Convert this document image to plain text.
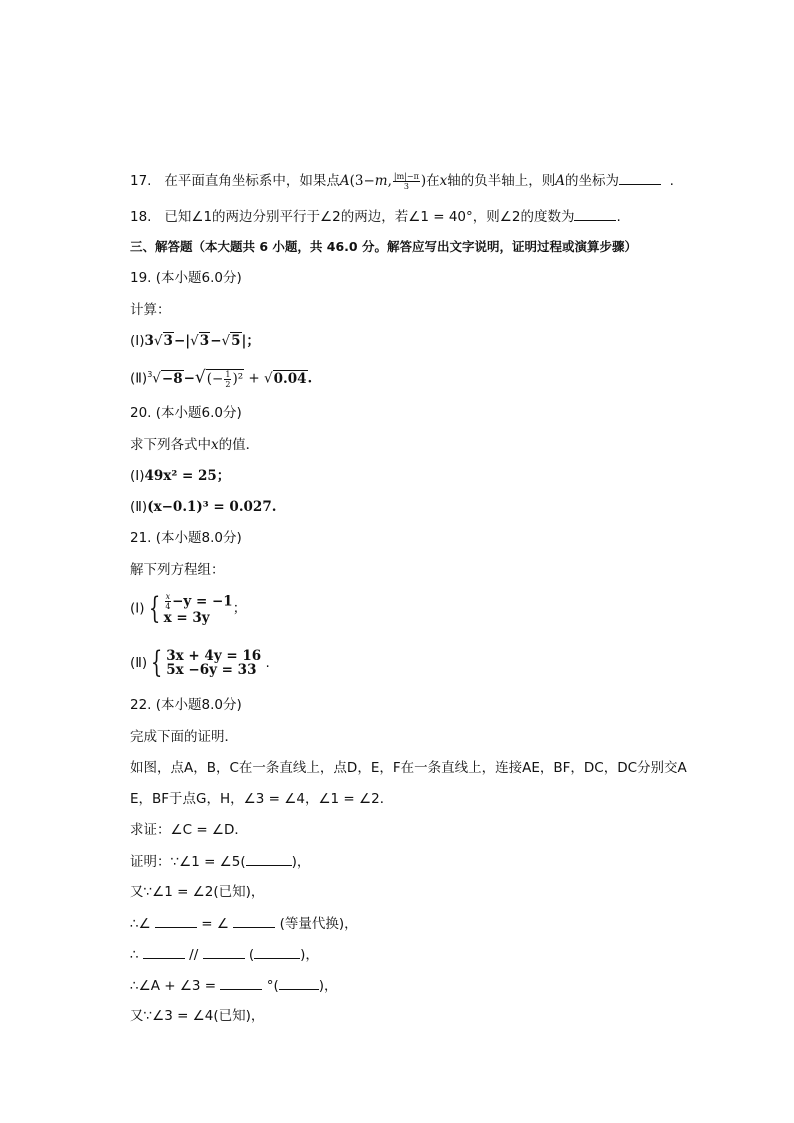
17. 在平面直角坐标系中，如果点A(3−m, $\frac{|m|-\pi}{3}$ )在x轴的负半轴上，则A的坐标为	.
18. 已知∠1的两边分别平行于∠2的两边，若∠1 = 40°，则∠2的度数为	.
三、解答题（本大题共 6 小题，共 46.0 分。解答应写出文字说明，证明过程或演算步骤）
19. (本小题6.0分)
计算：
(Ⅰ)3√3−|√3−√5|；
(Ⅱ)$^3$√−8−√(− $\frac{1}{2} )^2 + √0.04$.
20. (本小题6.0分)
求下列各式中x的值．
(Ⅰ)49x² = 25；
(Ⅱ)(x−0.1)³ = 0.027.
21. (本小题8.0分)
解下列方程组：
(Ⅰ) { $\frac{x}{4} -y = -1$
x = 3y
；
(Ⅱ) { 3x + 4y = 16
5x −6y = 33 .
22. (本小题8.0分)
完成下面的证明．
如图，点A，B，C在一条直线上，点D，E，F在一条直线上，连接AE，BF，DC，DC分别交A
E，BF于点G，H，∠3 = ∠4，∠1 = ∠2．
求证：∠C = ∠D．
证明：∵∠1 = ∠5(	)，
又∵∠1 = ∠2(已知)，
∴∠	= ∠	(等量代换)，
∴	//	(	)，
∴∠A + ∠3 =	°(	)，
又∵∠3 = ∠4(已知)，
